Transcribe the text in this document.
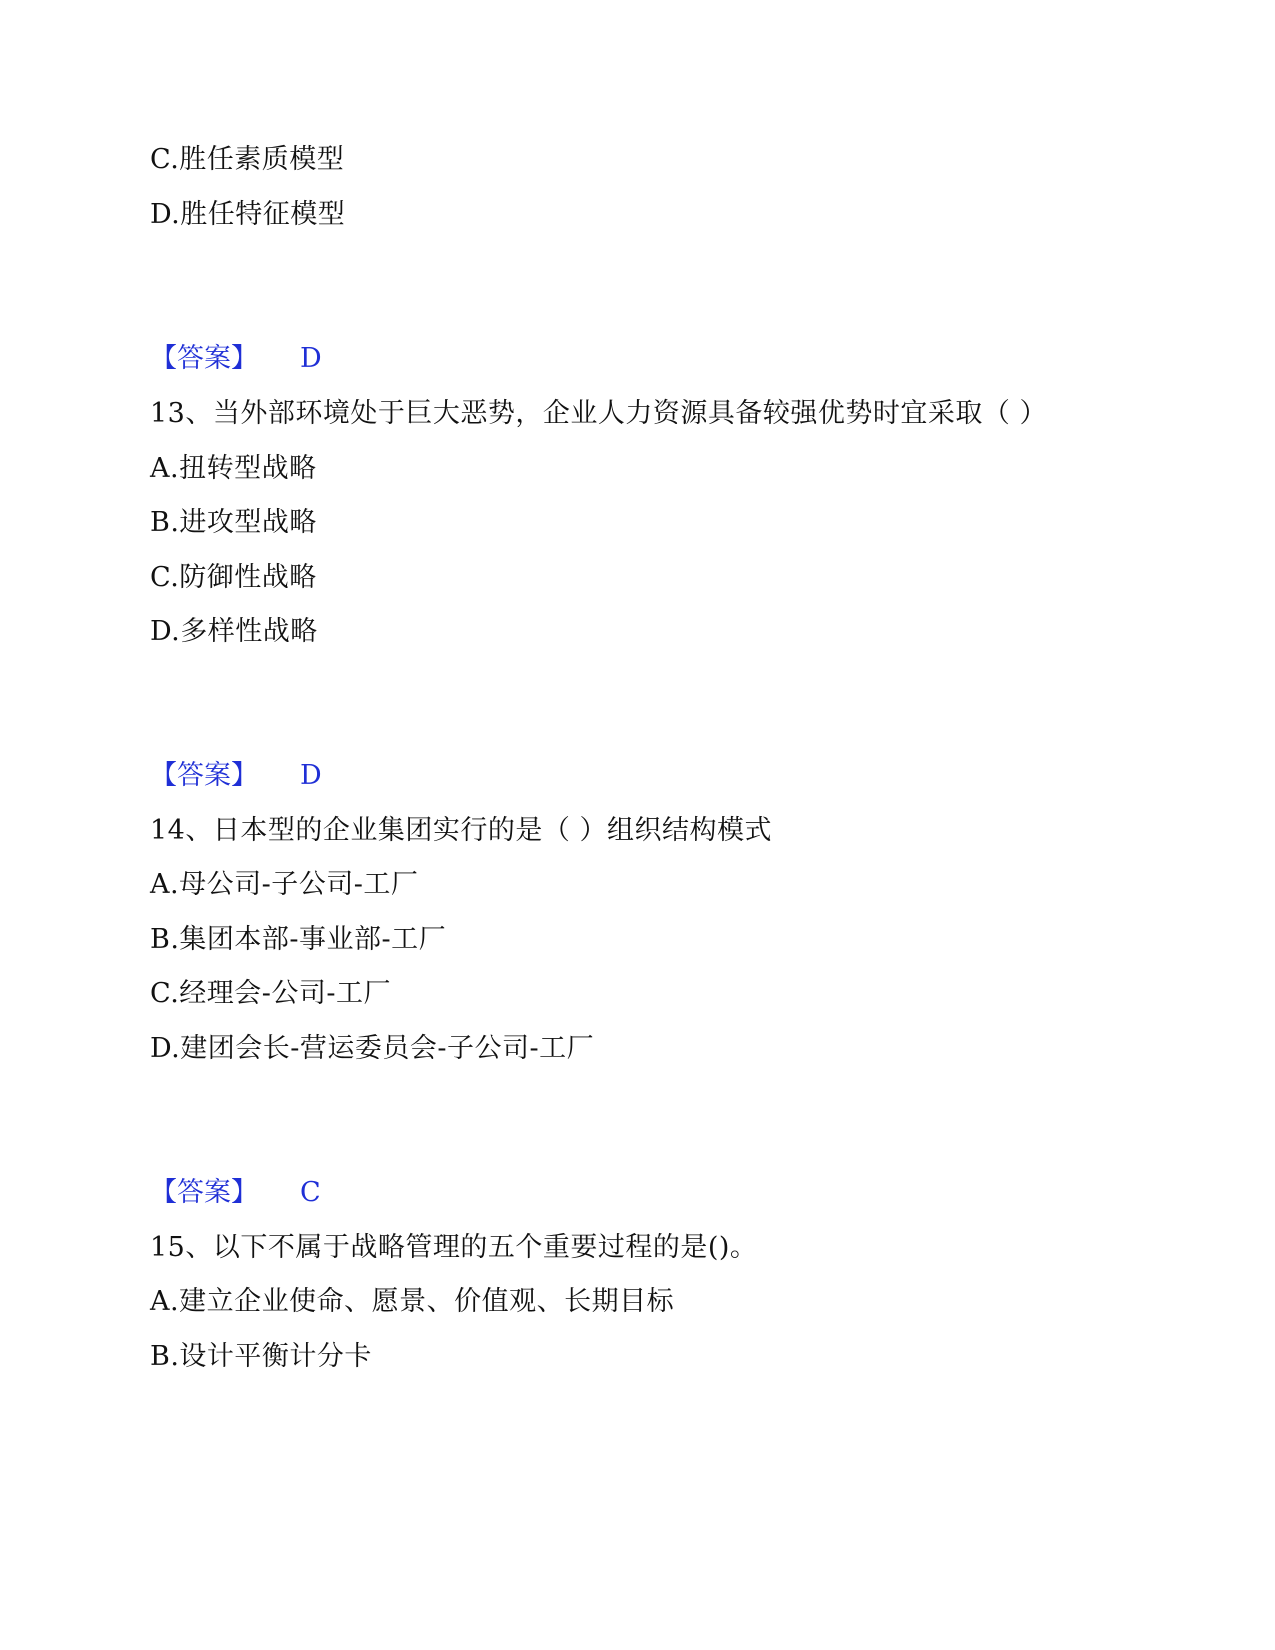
C.胜任素质模型
D.胜任特征模型
【答案】 D
13、当外部环境处于巨大恶势，企业人力资源具备较强优势时宜采取（ ）
A.扭转型战略
B.进攻型战略
C.防御性战略
D.多样性战略
【答案】 D
14、日本型的企业集团实行的是（ ）组织结构模式
A.母公司-子公司-工厂
B.集团本部-事业部-工厂
C.经理会-公司-工厂
D.建团会长-营运委员会-子公司-工厂
【答案】 C
15、以下不属于战略管理的五个重要过程的是()。
A.建立企业使命、愿景、价值观、长期目标
B.设计平衡计分卡
